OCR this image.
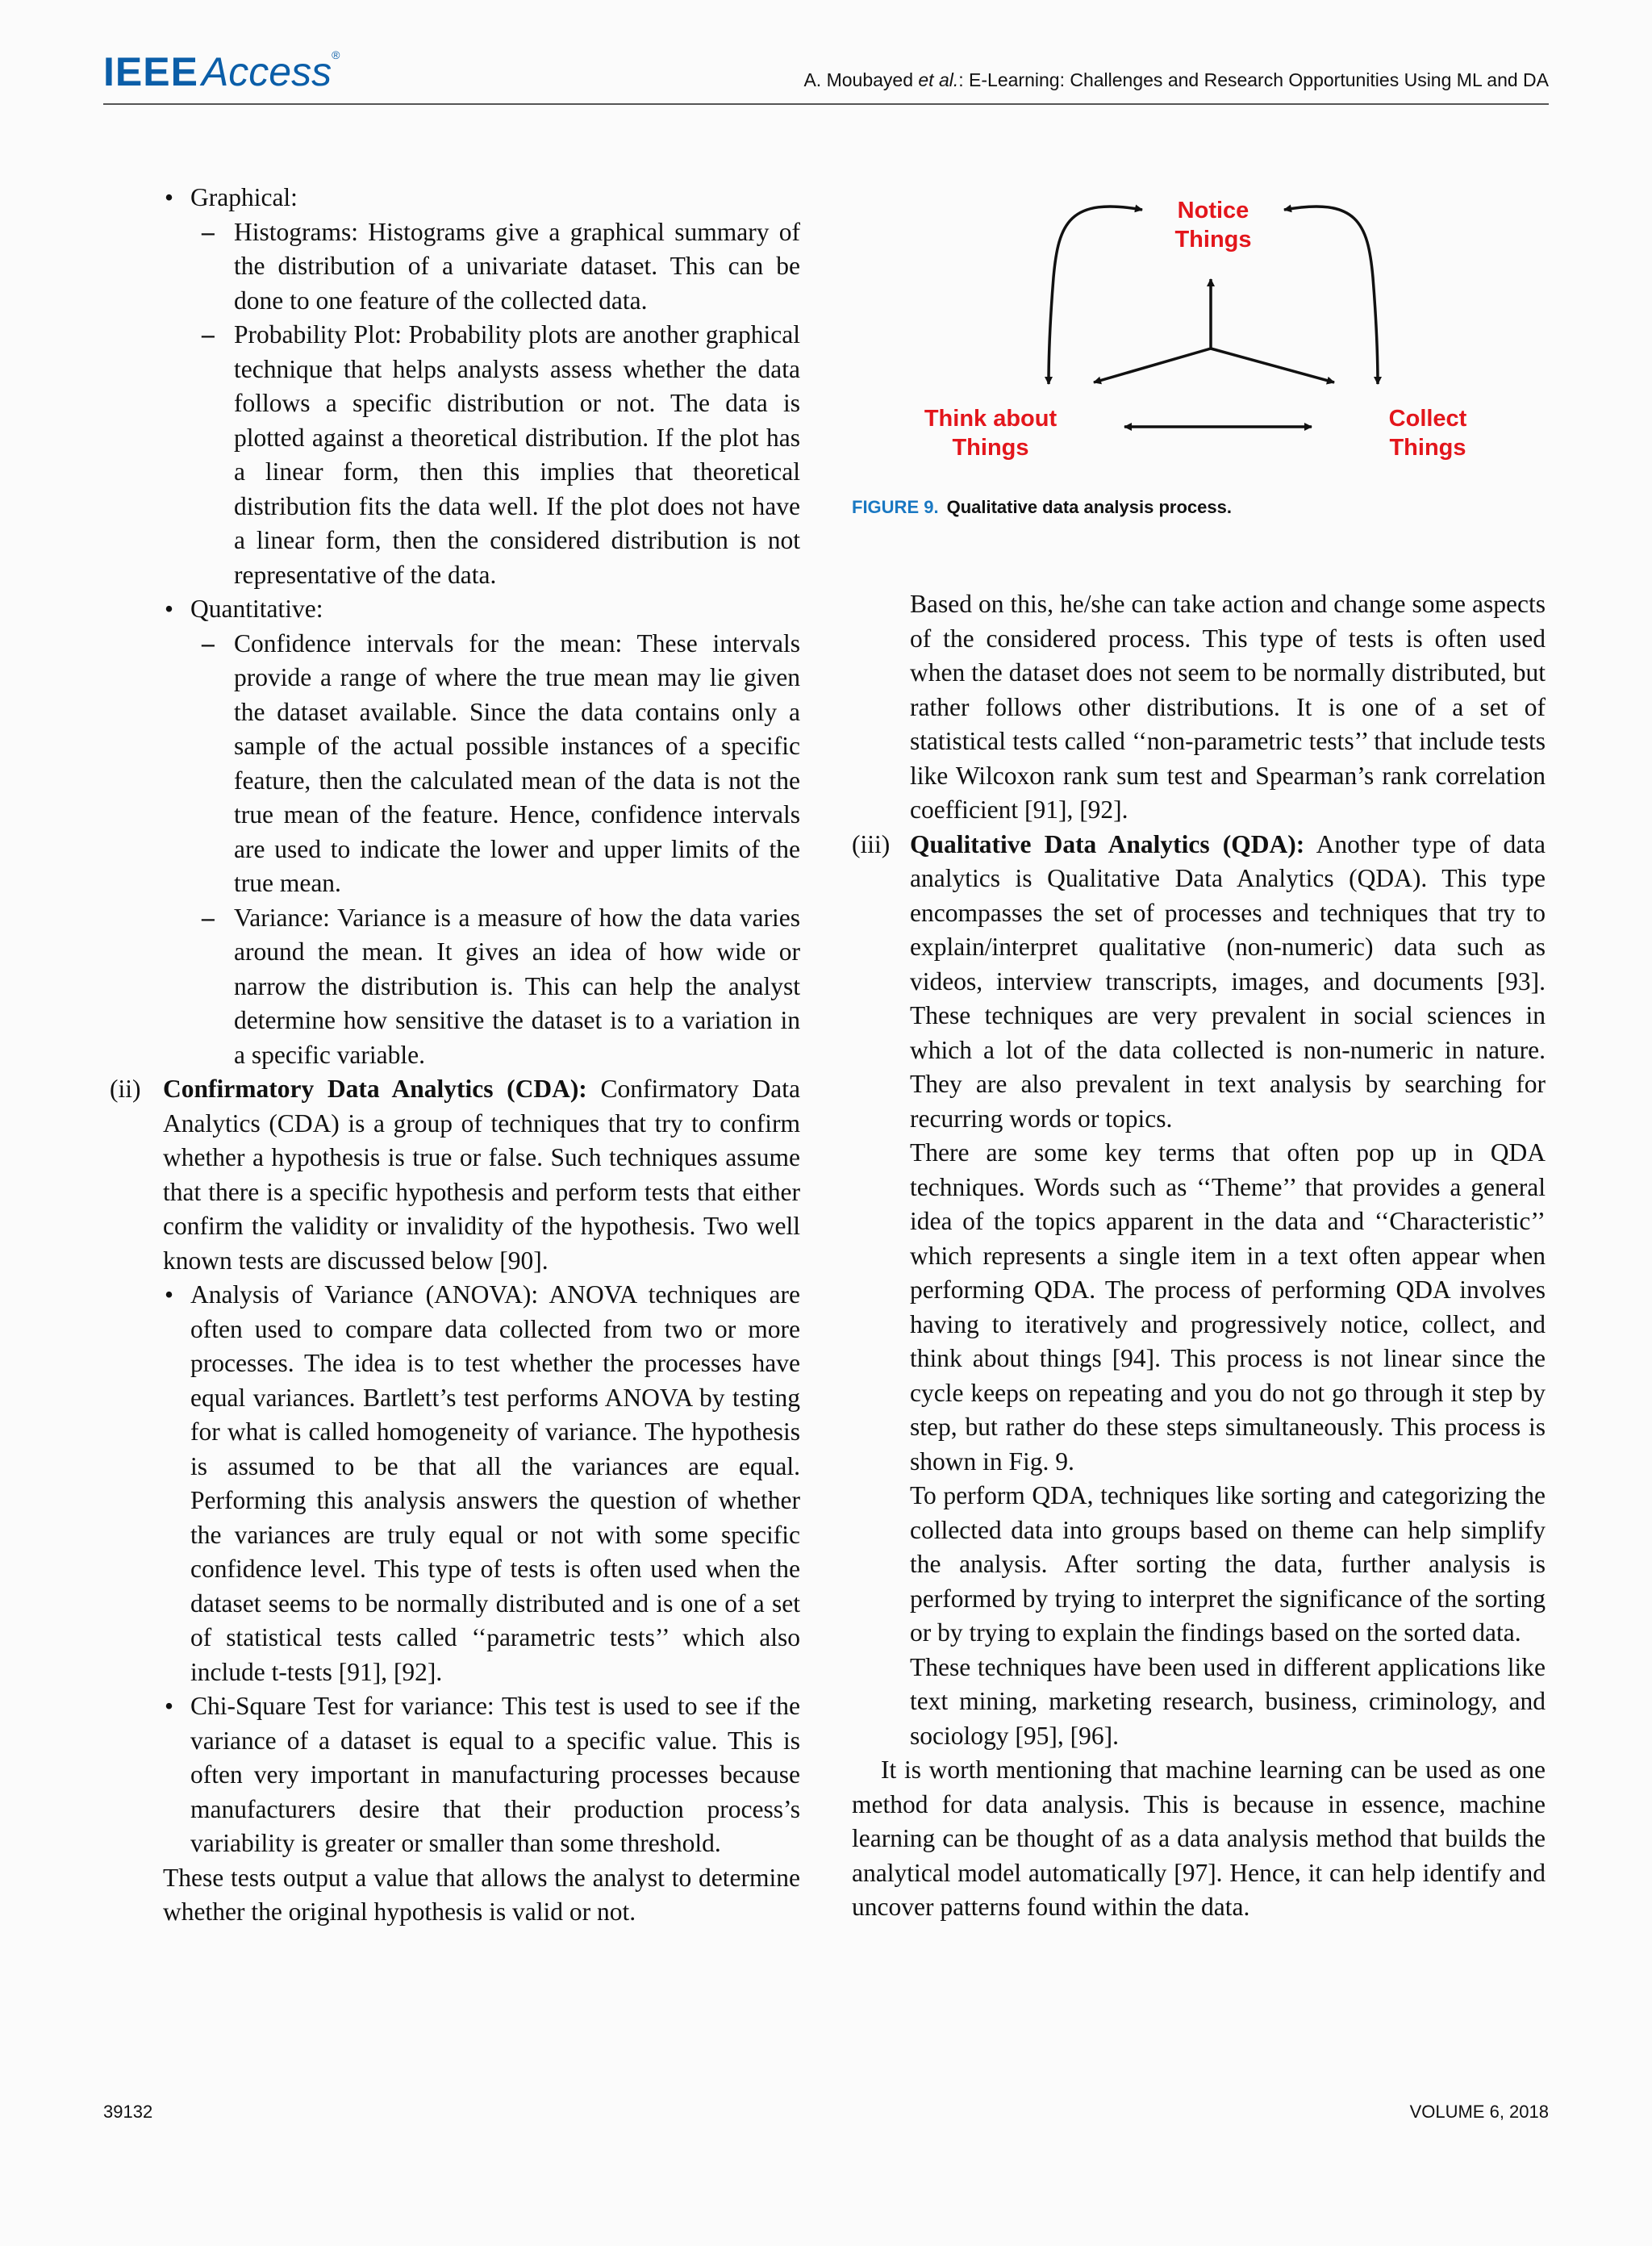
IEEEAccess®
A. Moubayed et al.: E-Learning: Challenges and Research Opportunities Using ML and DA
• Graphical:
– Histograms: Histograms give a graphical summary of the distribution of a univariate dataset. This can be done to one feature of the collected data.

– Probability Plot: Probability plots are another graphical technique that helps analysts assess whether the data follows a specific distribution or not. The data is plotted against a theoretical distribution. If the plot has a linear form, then this implies that theoretical distribution fits the data well. If the plot does not have a linear form, then the considered distribution is not representative of the data.

• Quantitative:
– Confidence intervals for the mean: These intervals provide a range of where the true mean may lie given the dataset available. Since the data contains only a sample of the actual possible instances of a specific feature, then the calculated mean of the data is not the true mean of the feature. Hence, confidence intervals are used to indicate the lower and upper limits of the true mean.

– Variance: Variance is a measure of how the data varies around the mean. It gives an idea of how wide or narrow the distribution is. This can help the analyst determine how sensitive the dataset is to a variation in a specific variable.

(ii) Confirmatory Data Analytics (CDA): Confirmatory Data Analytics (CDA) is a group of techniques that try to confirm whether a hypothesis is true or false. Such techniques assume that there is a specific hypothesis and perform tests that either confirm the validity or invalidity of the hypothesis. Two well known tests are discussed below [90].

• Analysis of Variance (ANOVA): ANOVA techniques are often used to compare data collected from two or more processes. The idea is to test whether the processes have equal variances. Bartlett’s test performs ANOVA by testing for what is called homogeneity of variance. The hypothesis is assumed to be that all the variances are equal. Performing this analysis answers the question of whether the variances are truly equal or not with some specific confidence level. This type of tests is often used when the dataset seems to be normally distributed and is one of a set of statistical tests called ‘‘parametric tests’’ which also include t-tests [91], [92].

• Chi-Square Test for variance: This test is used to see if the variance of a dataset is equal to a specific value. This is often very important in manufacturing processes because manufacturers desire that their production process’s variability is greater or smaller than some threshold.

These tests output a value that allows the analyst to determine whether the original hypothesis is valid or not.

Notice
Things
Think about
Things
Collect
Things
FIGURE 9. Qualitative data analysis process.

Based on this, he/she can take action and change some aspects of the considered process. This type of tests is often used when the dataset does not seem to be normally distributed, but rather follows other distributions. It is one of a set of statistical tests called ‘‘non-parametric tests’’ that include tests like Wilcoxon rank sum test and Spearman’s rank correlation coefficient [91], [92].

(iii) Qualitative Data Analytics (QDA): Another type of data analytics is Qualitative Data Analytics (QDA). This type encompasses the set of processes and techniques that try to explain/interpret qualitative (non-numeric) data such as videos, interview transcripts, images, and documents [93]. These techniques are very prevalent in social sciences in which a lot of the data collected is non-numeric in nature. They are also prevalent in text analysis by searching for recurring words or topics.

There are some key terms that often pop up in QDA techniques. Words such as ‘‘Theme’’ that provides a general idea of the topics apparent in the data and ‘‘Characteristic’’ which represents a single item in a text often appear when performing QDA. The process of performing QDA involves having to iteratively and progressively notice, collect, and think about things [94]. This process is not linear since the cycle keeps on repeating and you do not go through it step by step, but rather do these steps simultaneously. This process is shown in Fig. 9.

To perform QDA, techniques like sorting and categorizing the collected data into groups based on theme can help simplify the analysis. After sorting the data, further analysis is performed by trying to interpret the significance of the sorting or by trying to explain the findings based on the sorted data.

These techniques have been used in different applications like text mining, marketing research, business, criminology, and sociology [95], [96].

It is worth mentioning that machine learning can be used as one method for data analysis. This is because in essence, machine learning can be thought of as a data analysis method that builds the analytical model automatically [97]. Hence, it can help identify and uncover patterns found within the data.

39132	VOLUME 6, 2018
